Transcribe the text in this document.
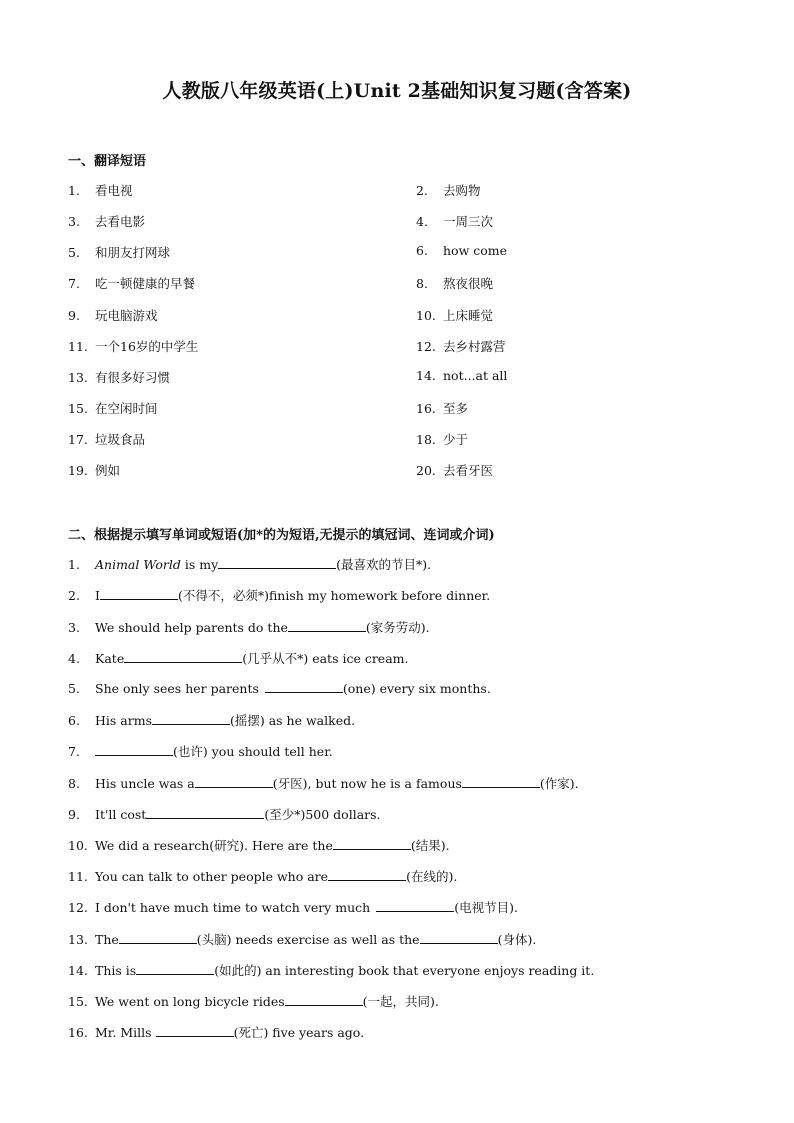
人教版八年级英语(上)Unit 2基础知识复习题(含答案)
一、翻译短语
1. 看电视	2. 去购物
3. 去看电影	4. 一周三次
5. 和朋友打网球	6. how come
7. 吃一顿健康的早餐	8. 熬夜很晚
9. 玩电脑游戏	10. 上床睡觉
11. 一个16岁的中学生	12. 去乡村露营
13. 有很多好习惯	14. not...at all
15. 在空闲时间	16. 至多
17. 垃圾食品	18. 少于
19. 例如	20. 去看牙医
二、根据提示填写单词或短语(加*的为短语,无提示的填冠词、连词或介词)
1. Animal World is my	(最喜欢的节目*).
2. I	(不得不，必须*)finish my homework before dinner.
3. We should help parents do the	(家务劳动).
4. Kate	(几乎从不*) eats ice cream.
5. She only sees her parents	(one) every six months.
6. His arms	(摇摆) as he walked.
7.	(也许) you should tell her.
8. His uncle was a	(牙医), but now he is a famous	(作家).
9. It'll cost	(至少*)500 dollars.
10. We did a research(研究). Here are the	(结果).
11. You can talk to other people who are	(在线的).
12. I don't have much time to watch very much	(电视节目).
13. The	(头脑) needs exercise as well as the	(身体).
14. This is	(如此的) an interesting book that everyone enjoys reading it.
15. We went on long bicycle rides	(一起，共同).
16. Mr. Mills	(死亡) five years ago.
